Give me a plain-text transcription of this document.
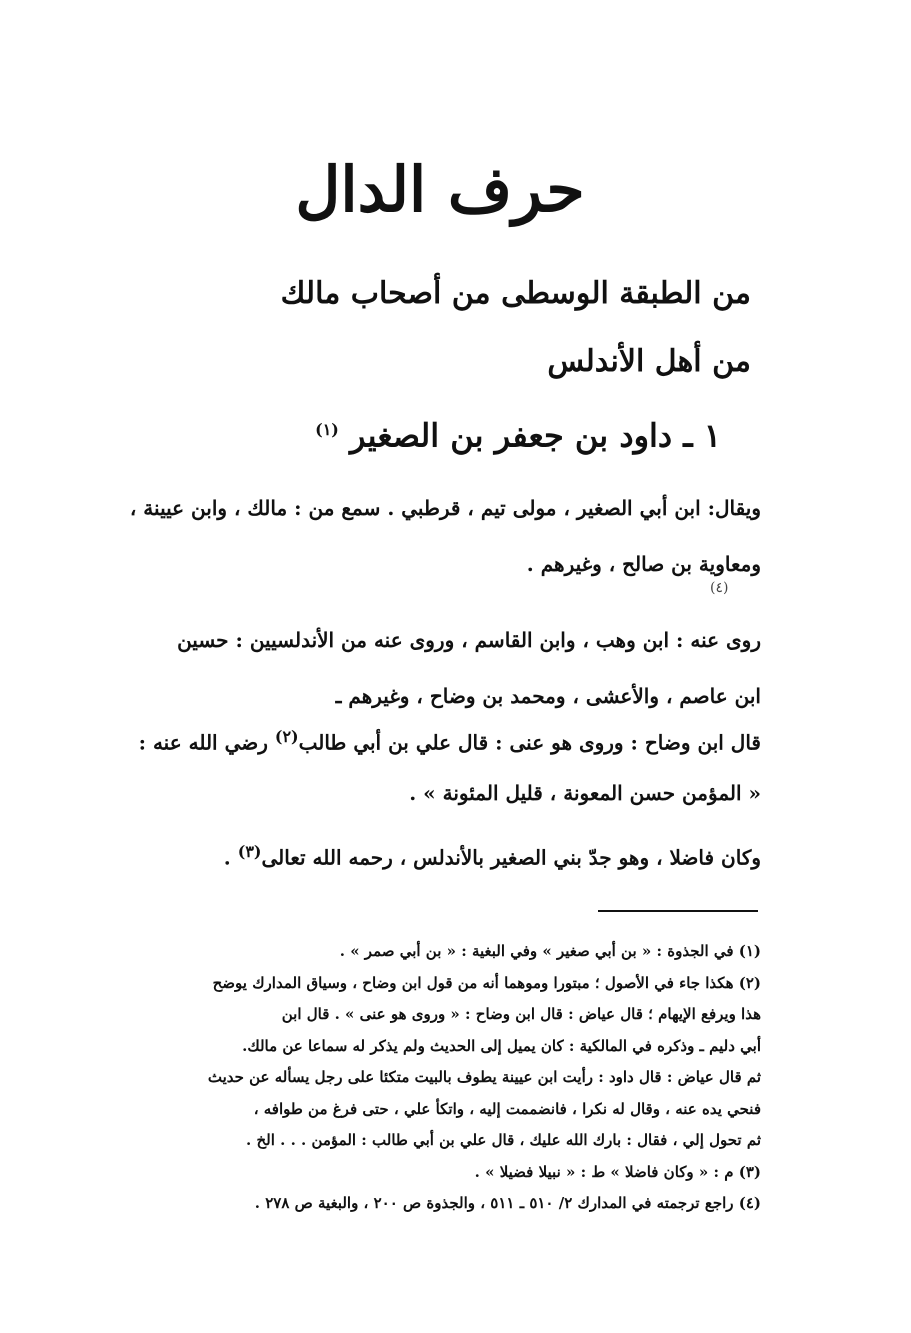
حرف الدال
من الطبقة الوسطى من أصحاب مالك
من أهل الأندلس
١ ـ داود بن جعفر بن الصغير $^{(١)}$
ويقال: ابن أبي الصغير ، مولى تيم ، قرطبي . سمع من : مالك ، وابن عيينة ،
ومعاوية بن صالح ، وغيرهم .
روى عنه : ابن وهب ، وابن القاسم ، وروى عنه من الأندلسيين : حسين
ابن عاصم ، والأعشى ، ومحمد بن وضاح ، وغيرهم ـ
قال ابن وضاح : وروى هو عنى : قال علي بن أبي طالب$^{(٢)}$ رضي الله عنه :
« المؤمن حسن المعونة ، قليل المئونة » .
وكان فاضلا ، وهو جدّ بني الصغير بالأندلس ، رحمه الله تعالى$^{(٣)}$ .
(١) في الجذوة : « بن أبي صغير » وفي البغية : « بن أبي صمر » .
(٢) هكذا جاء في الأصول ؛ مبتورا وموهما أنه من قول ابن وضاح ، وسياق المدارك يوضح
هذا ويرفع الإيهام ؛ قال عياض : قال ابن وضاح : « وروى هو عنى » . قال ابن
أبي دليم ـ وذكره في المالكية : كان يميل إلى الحديث ولم يذكر له سماعا عن مالك.
ثم قال عياض : قال داود : رأيت ابن عيينة يطوف بالبيت متكئا على رجل يسأله عن حديث
فنحي يده عنه ، وقال له نكرا ، فانضممت إليه ، واتكأ علي ، حتى فرغ من طوافه ،
ثم تحول إلي ، فقال : بارك الله عليك ، قال علي بن أبي طالب : المؤمن . . . الخ .
(٣) م : « وكان فاضلا » ط : « نبيلا فضيلا » .
(٤) راجع ترجمته في المدارك ٢/ ٥١٠ ـ ٥١١ ، والجذوة ص ٢٠٠ ، والبغية ص ٢٧٨ .
(٤)
